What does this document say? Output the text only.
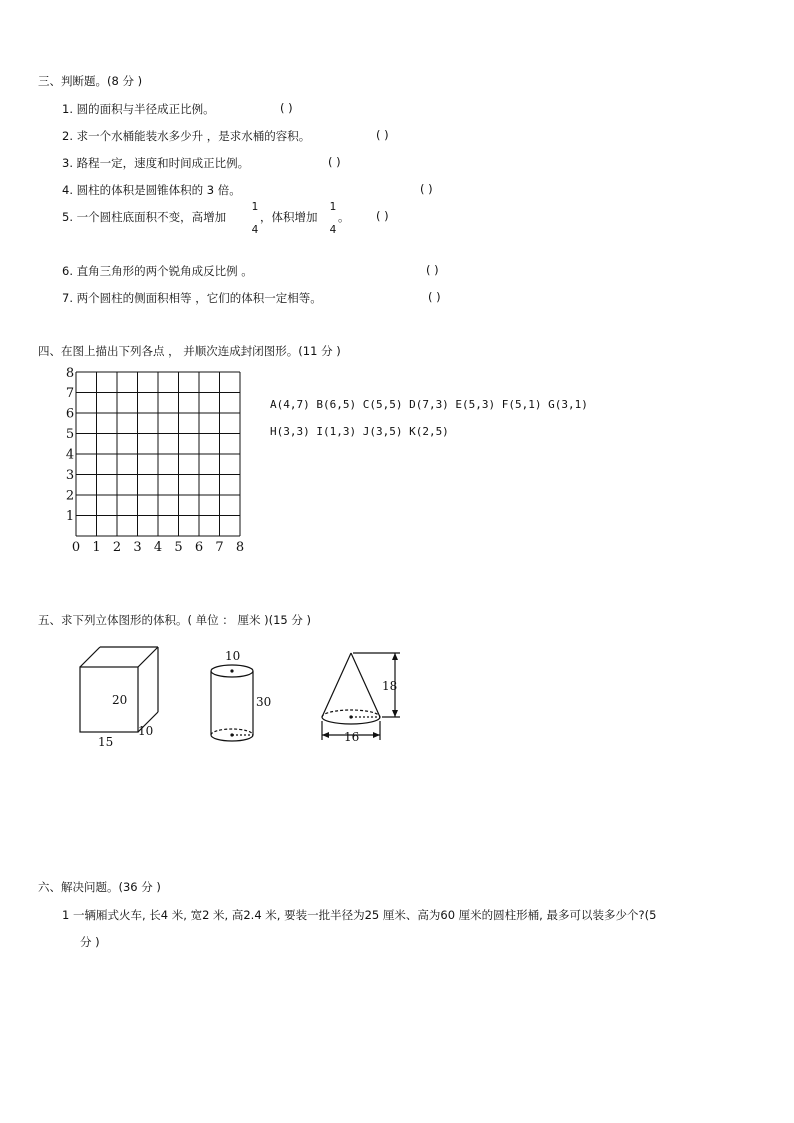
三、判断题。(8 分 )
1. 圆的面积与半径成正比例。	( )
2. 求一个水桶能装水多少升 ，是求水桶的容积。	( )
3. 路程一定，速度和时间成正比例。	( )
4. 圆柱的体积是圆锥体积的 3 倍。	( )
5. 一个圆柱底面积不变，高增加
1
4
，体积增加
1
4
。 ( )
6. 直角三角形的两个锐角成反比例 。	( )
7. 两个圆柱的侧面积相等 ，它们的体积一定相等。	( )
四、在图上描出下列各点 ， 并顺次连成封闭图形。(11 分 )
0 1 2 3 4 5 6 7 8
1
2
3
4
5
6
7
8
A(4,7) B(6,5) C(5,5) D(7,3) E(5,3) F(5,1) G(3,1)
H(3,3) I(1,3) J(3,5) K(2,5)
五、求下列立体图形的体积。( 单位 ： 厘米 )(15 分 )
20
10
15
10
30
18
16
六、解决问题。(36 分 )
1 一辆厢式火车, 长4 米, 宽2 米, 高2.4 米, 要装一批半径为25 厘米、高为60 厘米的圆柱形桶, 最多可以装多少个?(5
分 )
